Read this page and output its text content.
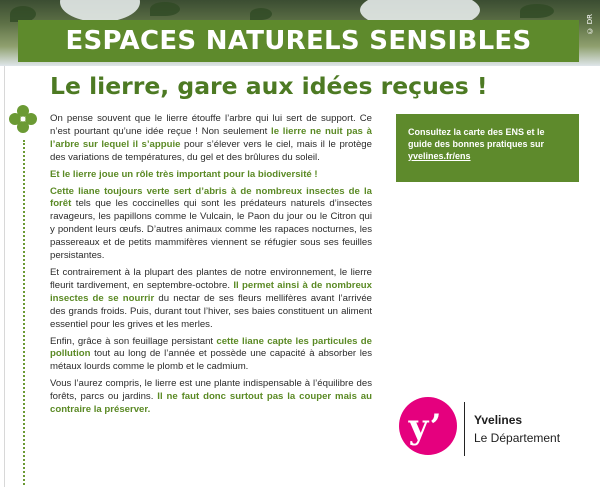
ESPACES NATURELS SENSIBLES
© DR
Le lierre, gare aux idées reçues !

On pense souvent que le lierre étouffe l’arbre qui lui sert de support. Ce n’est pourtant qu’une idée reçue ! Non seulement le lierre ne nuit pas à l’arbre sur lequel il s’appuie pour s’élever vers le ciel, mais il le protège des variations de températures, du gel et des brûlures du soleil.

Et le lierre joue un rôle très important pour la biodiversité !

Cette liane toujours verte sert d’abris à de nombreux insectes de la forêt tels que les coccinelles qui sont les prédateurs naturels d’insectes ravageurs, les papillons comme le Vulcain, le Paon du jour ou le Citron qui y pondent leurs œufs. D’autres animaux comme les rapaces nocturnes, les passereaux et de petits mammifères viennent se réfugier sous ses feuilles persistantes.

Et contrairement à la plupart des plantes de notre environnement, le lierre fleurit tardivement, en septembre-octobre. Il permet ainsi à de nombreux insectes de se nourrir du nectar de ses fleurs mellifères avant l’arrivée des grands froids. Puis, durant tout l’hiver, ses baies constituent un aliment essentiel pour les grives et les merles.

Enfin, grâce à son feuillage persistant cette liane capte les particules de pollution tout au long de l’année et possède une capacité à absorber les métaux lourds comme le plomb et le cadmium.

Vous l’aurez compris, le lierre est une plante indispensable à l’équilibre des forêts, parcs ou jardins. Il ne faut donc surtout pas la couper mais au contraire la préserver.

Consultez la carte des ENS et le guide des bonnes pratiques sur yvelines.fr/ens
y’	Yvelines
Le Département
